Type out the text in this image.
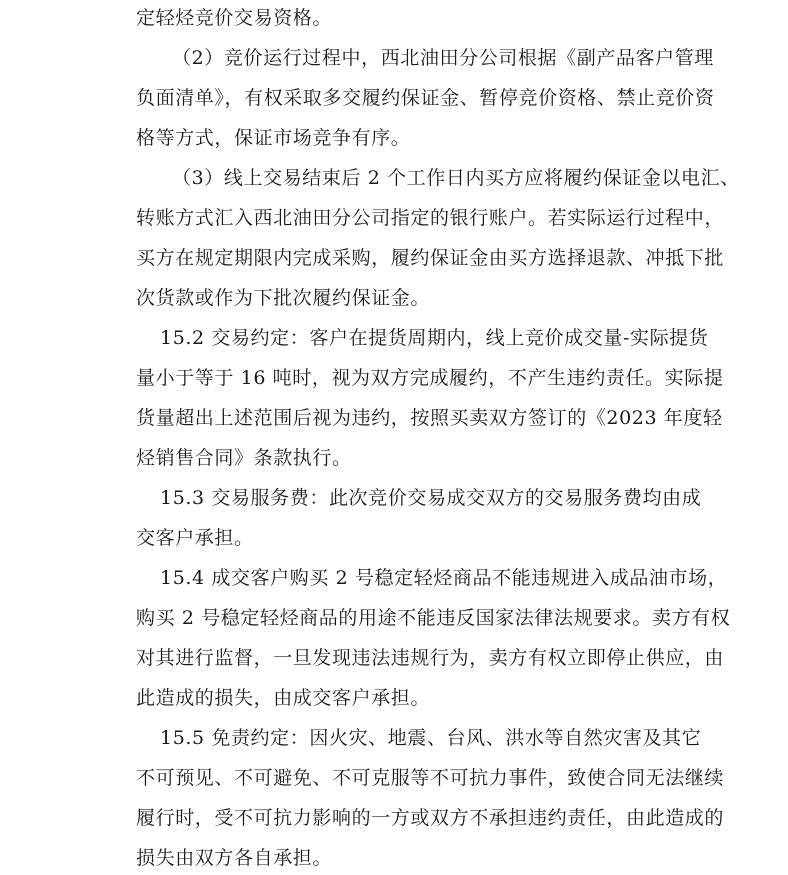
定轻烃竞价交易资格。
（2）竞价运行过程中，西北油田分公司根据《副产品客户管理
负面清单》，有权采取多交履约保证金、暂停竞价资格、禁止竞价资
格等方式，保证市场竞争有序。
（3）线上交易结束后 2 个工作日内买方应将履约保证金以电汇、
转账方式汇入西北油田分公司指定的银行账户。若实际运行过程中，
买方在规定期限内完成采购，履约保证金由买方选择退款、冲抵下批
次货款或作为下批次履约保证金。
15.2 交易约定：客户在提货周期内，线上竞价成交量-实际提货
量小于等于 16 吨时，视为双方完成履约，不产生违约责任。实际提
货量超出上述范围后视为违约，按照买卖双方签订的《2023 年度轻
烃销售合同》条款执行。
15.3 交易服务费：此次竞价交易成交双方的交易服务费均由成
交客户承担。
15.4 成交客户购买 2 号稳定轻烃商品不能违规进入成品油市场，
购买 2 号稳定轻烃商品的用途不能违反国家法律法规要求。卖方有权
对其进行监督，一旦发现违法违规行为，卖方有权立即停止供应，由
此造成的损失，由成交客户承担。
15.5 免责约定：因火灾、地震、台风、洪水等自然灾害及其它
不可预见、不可避免、不可克服等不可抗力事件，致使合同无法继续
履行时，受不可抗力影响的一方或双方不承担违约责任，由此造成的
损失由双方各自承担。
